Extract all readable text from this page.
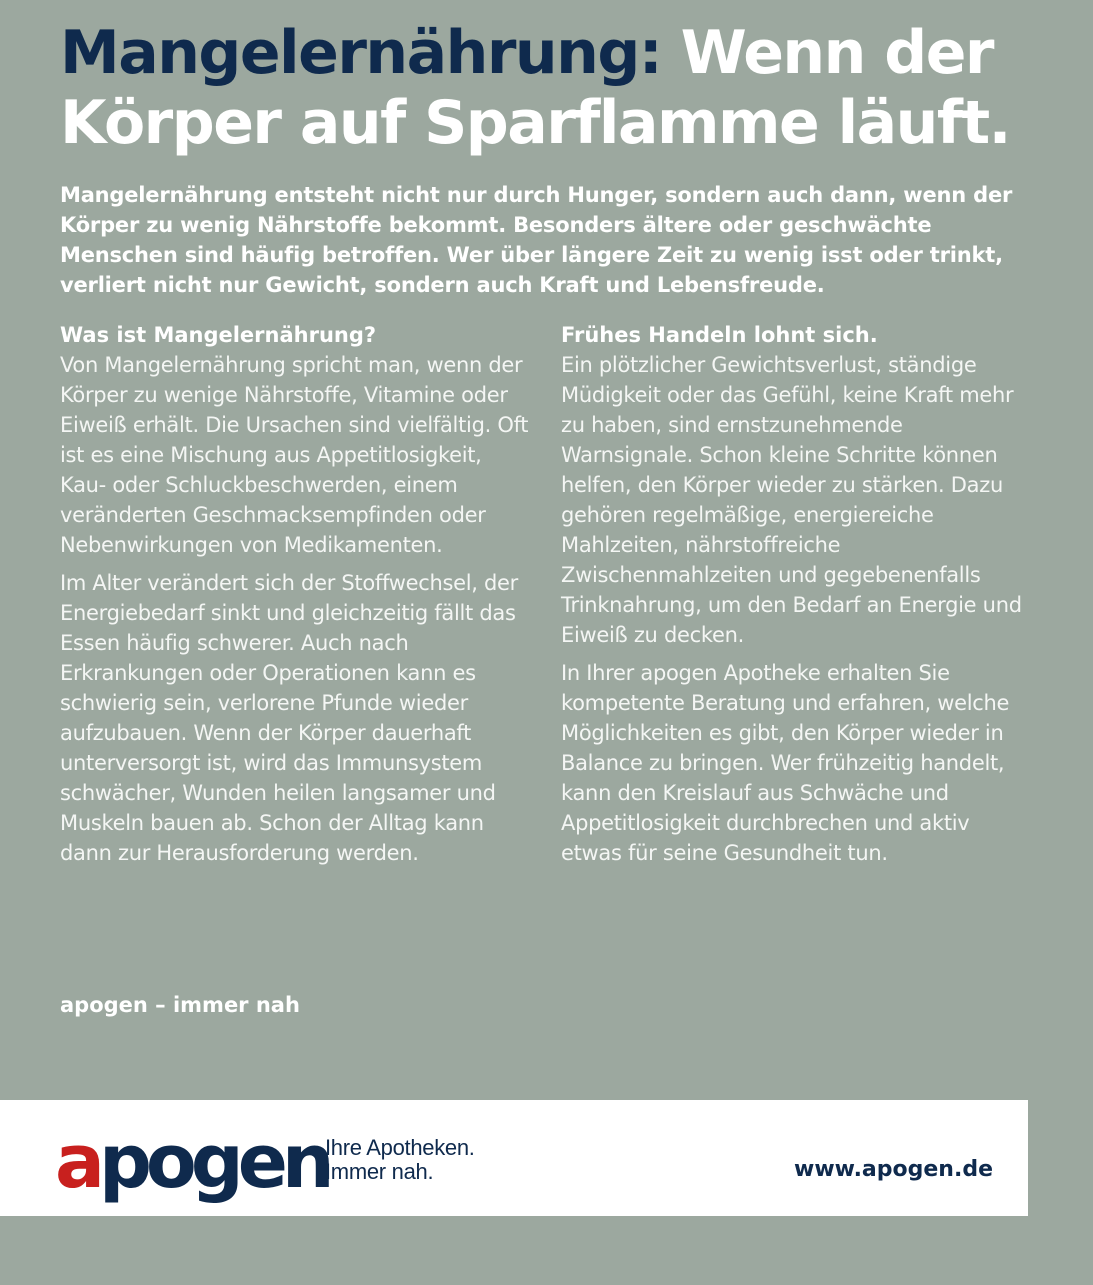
Mangelernährung: Wenn der Körper auf Sparflamme läuft.

Mangelernährung entsteht nicht nur durch Hunger, sondern auch dann, wenn der Körper zu wenig Nährstoffe bekommt. Besonders ältere oder geschwächte Menschen sind häufig betroffen. Wer über längere Zeit zu wenig isst oder trinkt, verliert nicht nur Gewicht, sondern auch Kraft und Lebensfreude.

Was ist Mangelernährung?

Von Mangelernährung spricht man, wenn der Körper zu wenige Nährstoffe, Vitamine oder Eiweiß erhält. Die Ursachen sind vielfältig. Oft ist es eine Mischung aus Appetitlosigkeit, Kau- oder Schluckbeschwerden, einem veränderten Geschmacksempfinden oder Nebenwirkungen von Medikamenten.

Im Alter verändert sich der Stoffwechsel, der Energiebedarf sinkt und gleichzeitig fällt das Essen häufig schwerer. Auch nach Erkrankungen oder Operationen kann es schwierig sein, verlorene Pfunde wieder aufzubauen. Wenn der Körper dauerhaft unterversorgt ist, wird das Immunsystem schwächer, Wunden heilen langsamer und Muskeln bauen ab. Schon der Alltag kann dann zur Herausforderung werden.

Frühes Handeln lohnt sich.

Ein plötzlicher Gewichtsverlust, ständige Müdigkeit oder das Gefühl, keine Kraft mehr zu haben, sind ernstzunehmende Warnsignale. Schon kleine Schritte können helfen, den Körper wieder zu stärken. Dazu gehören regelmäßige, energiereiche Mahlzeiten, nährstoffreiche Zwischenmahlzeiten und gegebenenfalls Trinknahrung, um den Bedarf an Energie und Eiweiß zu decken.

In Ihrer apogen Apotheke erhalten Sie kompetente Beratung und erfahren, welche Möglichkeiten es gibt, den Körper wieder in Balance zu bringen. Wer frühzeitig handelt, kann den Kreislauf aus Schwäche und Appetitlosigkeit durchbrechen und aktiv etwas für seine Gesundheit tun.

apogen – immer nah

apogen
Ihre Apotheken.
Immer nah.	www.apogen.de
